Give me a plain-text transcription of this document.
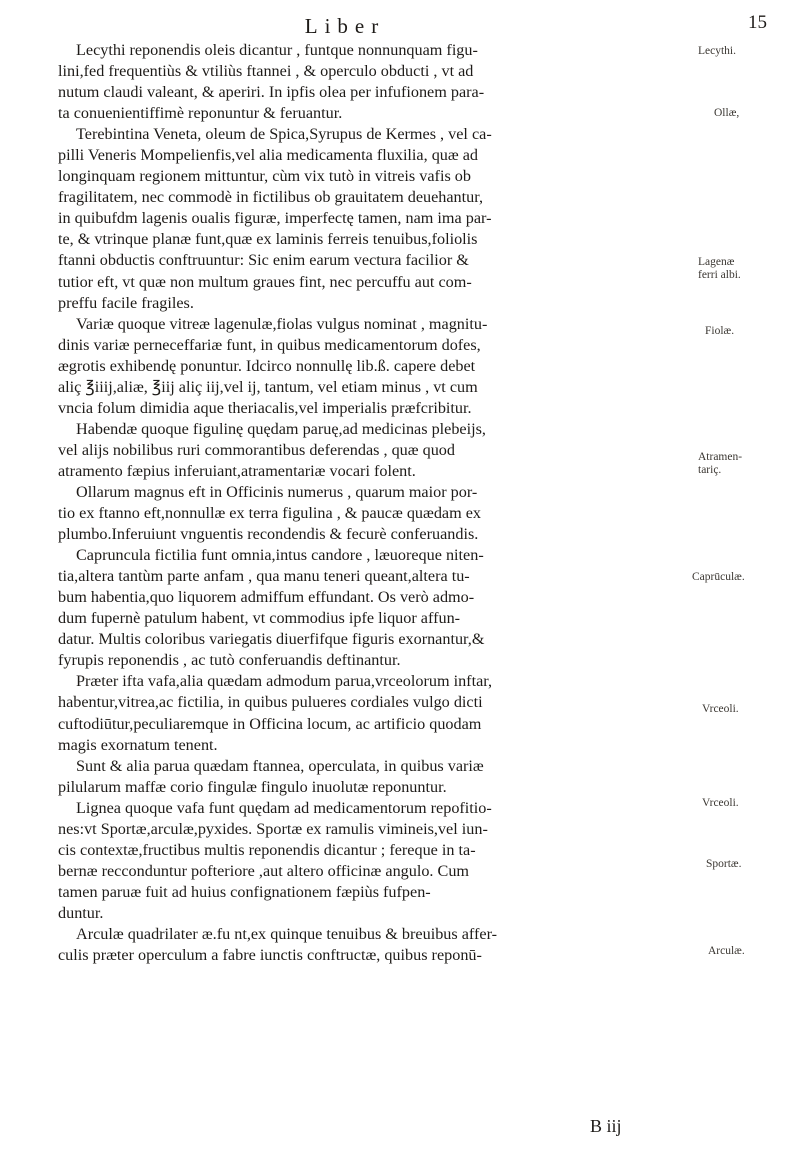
Liber	15
Lecythi reponendis oleis dicantur , funtque nonnunquam figu-
lini,fed frequentiùs & vtiliùs ftannei , & operculo obducti , vt ad
nutum claudi valeant, & aperiri. In ipfis olea per infufionem para-
ta conuenientiffimè reponuntur & feruantur.
Terebintina Veneta, oleum de Spica,Syrupus de Kermes , vel ca-
pilli Veneris Mompelienfis,vel alia medicamenta fluxilia, quæ ad
longinquam regionem mittuntur, cùm vix tutò in vitreis vafis ob
fragilitatem, nec commodè in fictilibus ob grauitatem deuehantur,
in quibufdm lagenis oualis figuræ, imperfectę tamen, nam ima par-
te, & vtrinque planæ funt,quæ ex laminis ferreis tenuibus,foliolis
ftanni obductis conftruuntur: Sic enim earum vectura facilior &
tutior eft, vt quæ non multum graues fint, nec percuffu aut com-
preffu facile fragiles.
Variæ quoque vitreæ lagenulæ,fiolas vulgus nominat , magnitu-
dinis variæ perneceffariæ funt, in quibus medicamentorum dofes,
ægrotis exhibendę ponuntur. Idcirco nonnullę lib.ß. capere debet
aliç ℥iiij,aliæ, ℥iij aliç iij,vel ij, tantum, vel etiam minus , vt cum
vncia folum dimidia aque theriacalis,vel imperialis præfcribitur.
Habendæ quoque figulinę quędam paruę,ad medicinas plebeijs,
vel alijs nobilibus ruri commorantibus deferendas , quæ quod
atramento fæpius inferuiant,atramentariæ vocari folent.
Ollarum magnus eft in Officinis numerus , quarum maior por-
tio ex ftanno eft,nonnullæ ex terra figulina , & paucæ quædam ex
plumbo.Inferuiunt vnguentis recondendis & fecurè conferuandis.
Capruncula fictilia funt omnia,intus candore , læuoreque niten-
tia,altera tantùm parte anfam , qua manu teneri queant,altera tu-
bum habentia,quo liquorem admiffum effundant. Os verò admo-
dum fupernè patulum habent, vt commodius ipfe liquor affun-
datur. Multis coloribus variegatis diuerfifque figuris exornantur,&
fyrupis reponendis , ac tutò conferuandis deftinantur.
Præter ifta vafa,alia quædam admodum parua,vrceolorum inftar,
habentur,vitrea,ac fictilia, in quibus pulueres cordiales vulgo dicti
cuftodiūtur,peculiaremque in Officina locum, ac artificio quodam
magis exornatum tenent.
Sunt & alia parua quædam ftannea, operculata, in quibus variæ
pilularum maffæ corio fingulæ fingulo inuolutæ reponuntur.
Lignea quoque vafa funt quędam ad medicamentorum repofitio-
nes:vt Sportæ,arculæ,pyxides. Sportæ ex ramulis vimineis,vel iun-
cis contextæ,fructibus multis reponendis dicantur ; fereque in ta-
bernæ recconduntur pofteriore ,aut altero officinæ angulo. Cum
tamen paruæ fuit ad huius confignationem fæpiùs fufpen-
duntur.
Arculæ quadrilater æ.fu nt,ex quinque tenuibus & breuibus affer-
culis præter operculum a fabre iunctis conftructæ, quibus reponū-
Lecythi.
Ollæ,
Lagenæ
ferri albi.
Fiolæ.
Atramen-
tariç.
Caprūculæ.
Vrceoli.
Vrceoli.
Sportæ.
Arculæ.
B iij
